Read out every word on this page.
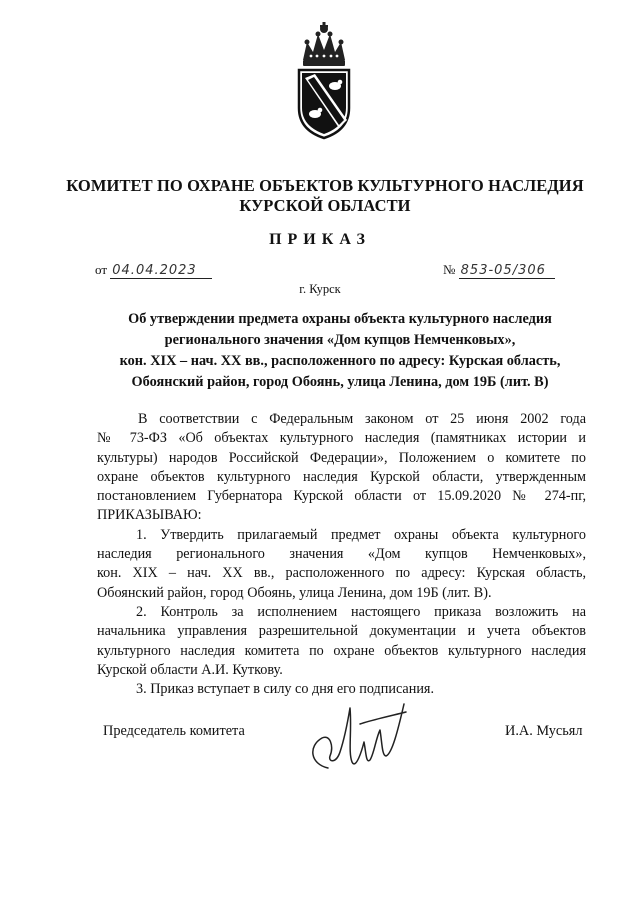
КОМИТЕТ ПО ОХРАНЕ ОБЪЕКТОВ КУЛЬТУРНОГО НАСЛЕДИЯ
КУРСКОЙ ОБЛАСТИ
ПРИКАЗ
от 04.04.2023	№ 853-05/306
г. Курск
Об утверждении предмета охраны объекта культурного наследия
регионального значения «Дом купцов Немченковых»,
кон. XIX – нач. XX вв., расположенного по адресу: Курская область,
Обоянский район, город Обоянь, улица Ленина, дом 19Б (лит. В)
В соответствии с Федеральным законом от 25 июня 2002 года
№ 73-ФЗ «Об объектах культурного наследия (памятниках истории и
культуры) народов Российской Федерации», Положением о комитете по
охране объектов культурного наследия Курской области, утвержденным
постановлением Губернатора Курской области от 15.09.2020 № 274-пг,
ПРИКАЗЫВАЮ:
1. Утвердить прилагаемый предмет охраны объекта культурного
наследия регионального значения «Дом купцов Немченковых»,
кон. XIX – нач. XX вв., расположенного по адресу: Курская область,
Обоянский район, город Обоянь, улица Ленина, дом 19Б (лит. В).
2. Контроль за исполнением настоящего приказа возложить на
начальника управления разрешительной документации и учета объектов
культурного наследия комитета по охране объектов культурного наследия
Курской области А.И. Куткову.
3. Приказ вступает в силу со дня его подписания.
Председатель комитета	И.А. Мусьял
